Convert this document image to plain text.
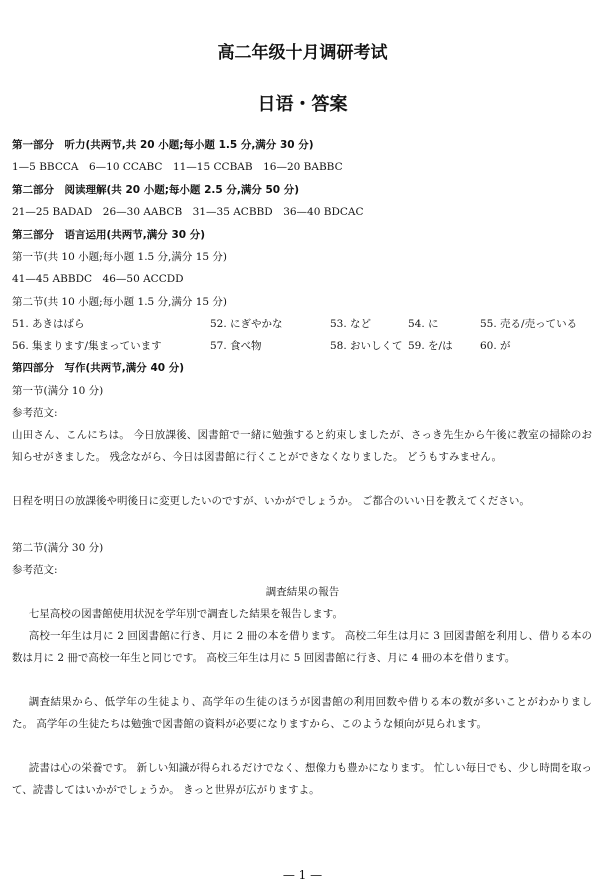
高二年级十月调研考试
日语・答案
第一部分　听力(共两节,共 20 小题;每小题 1.5 分,满分 30 分)
1—5 BBCCA　6—10 CCABC　11—15 CCBAB　16—20 BABBC
第二部分　阅读理解(共 20 小题;每小题 2.5 分,满分 50 分)
21—25 BADAD　26—30 AABCB　31—35 ACBBD　36—40 BDCAC
第三部分　语言运用(共两节,满分 30 分)
第一节(共 10 小题;每小题 1.5 分,满分 15 分)
41—45 ABBDC　46—50 ACCDD
第二节(共 10 小题;每小题 1.5 分,满分 15 分)
51. あきはばら	52. にぎやかな	53. など	54. に	55. 売る/売っている
56. 集まります/集まっています	57. 食べ物	58. おいしくて 59. を/は	60. が
第四部分　写作(共两节,满分 40 分)
第一节(满分 10 分)
参考范文:
山田さん、こんにちは。 今日放課後、図書館で一緒に勉強すると約束しましたが、さっき先生から午後に教室の掃除のお知らせがきました。 残念ながら、今日は図書館に行くことができなくなりました。 どうもすみません。
日程を明日の放課後や明後日に変更したいのですが、いかがでしょうか。 ご都合のいい日を教えてください。
第二节(满分 30 分)
参考范文:
調査結果の報告
七星高校の図書館使用状況を学年別で調査した結果を報告します。
高校一年生は月に 2 回図書館に行き、月に 2 冊の本を借ります。 高校二年生は月に 3 回図書館を利用し、借りる本の数は月に 2 冊で高校一年生と同じです。 高校三年生は月に 5 回図書館に行き、月に 4 冊の本を借ります。
調査結果から、低学年の生徒より、高学年の生徒のほうが図書館の利用回数や借りる本の数が多いことがわかりました。 高学年の生徒たちは勉強で図書館の資料が必要になりますから、このような傾向が見られます。
読書は心の栄養です。 新しい知識が得られるだけでなく、想像力も豊かになります。 忙しい毎日でも、少し時間を取って、読書してはいかがでしょうか。 きっと世界が広がりますよ。
— 1 —
